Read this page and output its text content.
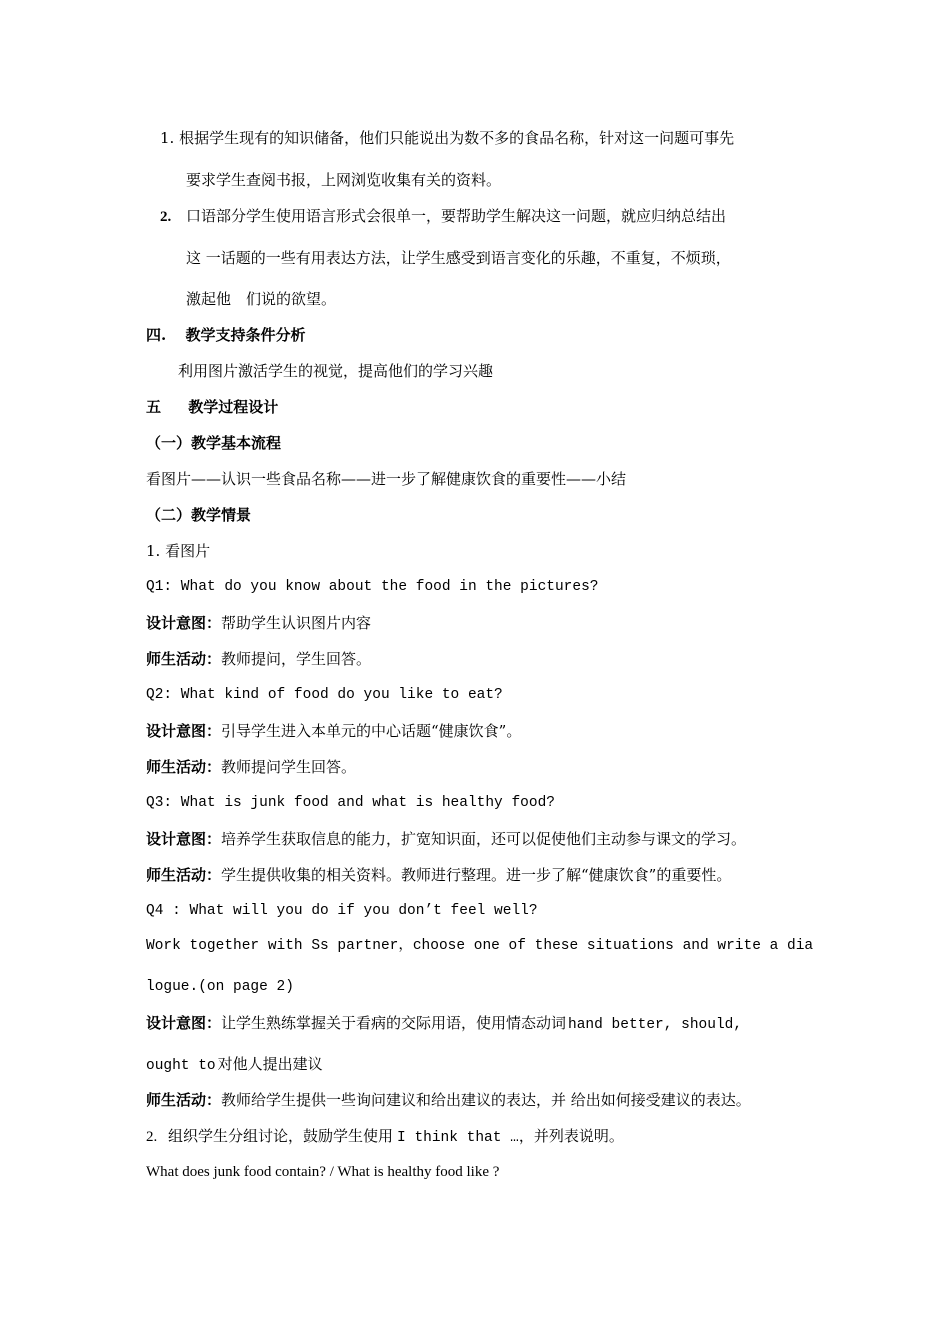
1. 根据学生现有的知识储备，他们只能说出为数不多的食品名称，针对这一问题可事先
要求学生查阅书报，上网浏览收集有关的资料。
2. 口语部分学生使用语言形式会很单一，要帮助学生解决这一问题，就应归纳总结出
这 一话题的一些有用表达方法，让学生感受到语言变化的乐趣，不重复，不烦琐，
激起他　们说的欲望。
四. 教学支持条件分析
利用图片激活学生的视觉，提高他们的学习兴趣
五 教学过程设计
（一）教学基本流程
看图片——认识一些食品名称——进一步了解健康饮食的重要性——小结
（二）教学情景
1. 看图片
Q1: What do you know about the food in the pictures?
设计意图：帮助学生认识图片内容
师生活动：教师提问，学生回答。
Q2: What kind of food do you like to eat?
设计意图：引导学生进入本单元的中心话题“健康饮食”。
师生活动：教师提问学生回答。
Q3: What is junk food and what is healthy food?
设计意图：培养学生获取信息的能力，扩宽知识面，还可以促使他们主动参与课文的学习。
师生活动：学生提供收集的相关资料。教师进行整理。进一步了解“健康饮食”的重要性。
Q4 : What will you do if you don’t feel well?
Work together with Ss partner，choose one of these situations and write a dia
logue.(on page 2)
设计意图：让学生熟练掌握关于看病的交际用语，使用情态动词 hand better, should,
ought to 对他人提出建议
师生活动：教师给学生提供一些询问建议和给出建议的表达，并 给出如何接受建议的表达。
2. 组织学生分组讨论，鼓励学生使用 I think that …，并列表说明。
What does junk food contain? / What is healthy food like ?
